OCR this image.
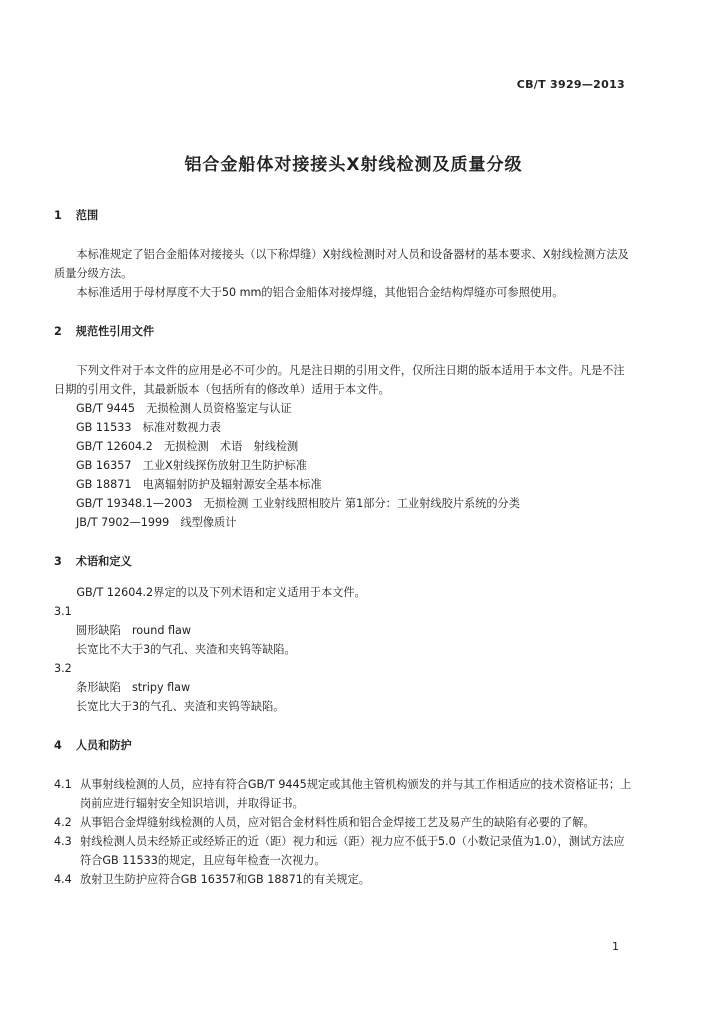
CB/T 3929—2013
铝合金船体对接接头X射线检测及质量分级
1 范围
本标准规定了铝合金船体对接接头（以下称焊缝）X射线检测时对人员和设备器材的基本要求、X射线检测方法及质量分级方法。
本标准适用于母材厚度不大于50 mm的铝合金船体对接焊缝，其他铝合金结构焊缝亦可参照使用。
2 规范性引用文件
下列文件对于本文件的应用是必不可少的。凡是注日期的引用文件，仅所注日期的版本适用于本文件。凡是不注日期的引用文件，其最新版本（包括所有的修改单）适用于本文件。
GB/T 9445　无损检测人员资格鉴定与认证
GB 11533　标准对数视力表
GB/T 12604.2　无损检测　术语　射线检测
GB 16357　工业X射线探伤放射卫生防护标准
GB 18871　电离辐射防护及辐射源安全基本标准
GB/T 19348.1—2003　无损检测 工业射线照相胶片 第1部分：工业射线胶片系统的分类
JB/T 7902—1999　线型像质计
3 术语和定义
GB/T 12604.2界定的以及下列术语和定义适用于本文件。
3.1
圆形缺陷　round flaw
长宽比不大于3的气孔、夹渣和夹钨等缺陷。
3.2
条形缺陷　stripy flaw
长宽比大于3的气孔、夹渣和夹钨等缺陷。
4 人员和防护
4.1 从事射线检测的人员，应持有符合GB/T 9445规定或其他主管机构颁发的并与其工作相适应的技术资格证书；上岗前应进行辐射安全知识培训，并取得证书。
4.2 从事铝合金焊缝射线检测的人员，应对铝合金材料性质和铝合金焊接工艺及易产生的缺陷有必要的了解。
4.3 射线检测人员未经矫正或经矫正的近（距）视力和远（距）视力应不低于5.0（小数记录值为1.0），测试方法应符合GB 11533的规定，且应每年检查一次视力。
4.4 放射卫生防护应符合GB 16357和GB 18871的有关规定。
1
